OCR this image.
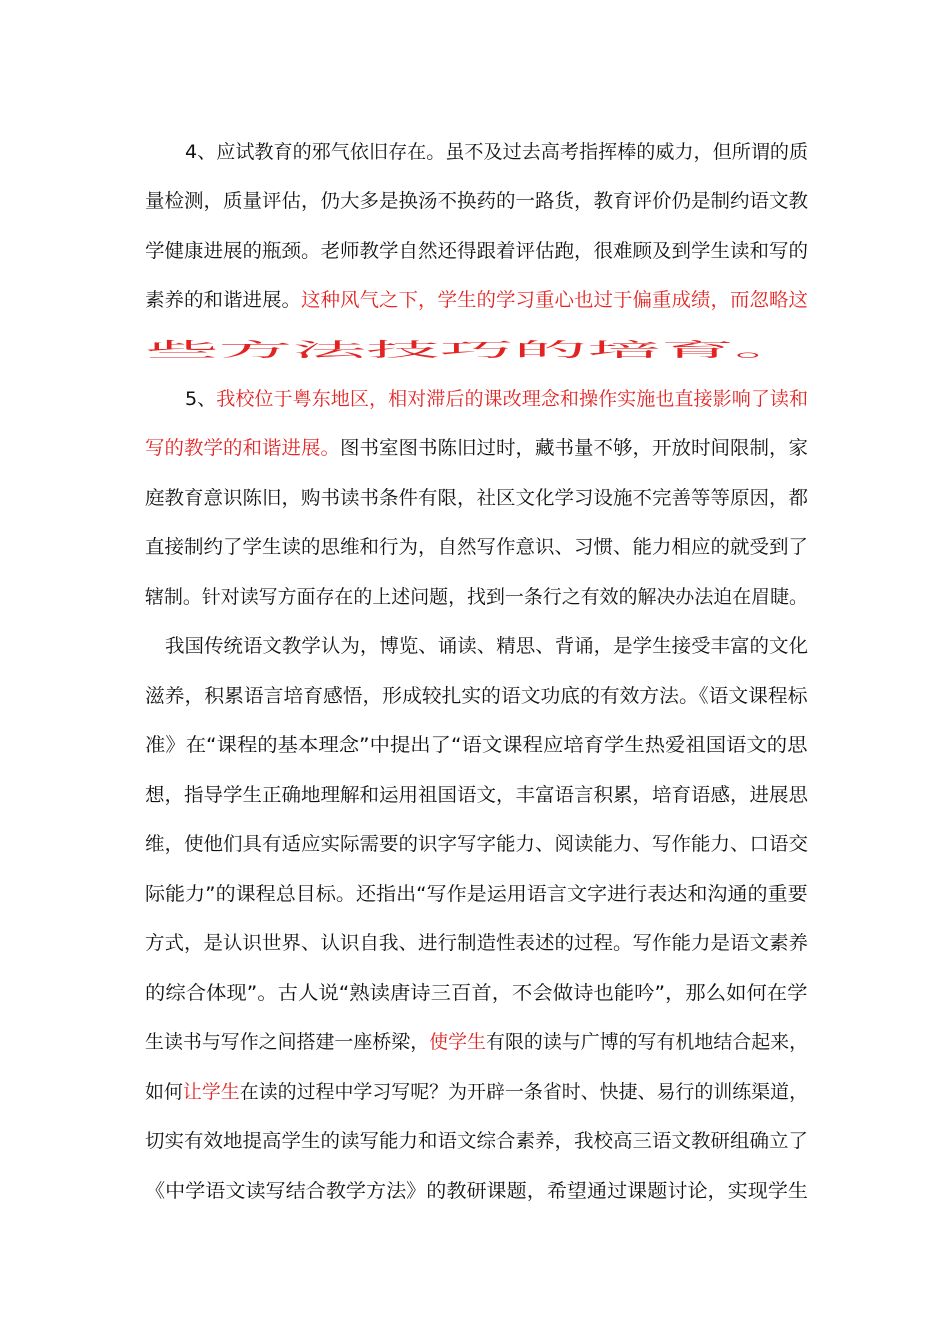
4、应试教育的邪气依旧存在。虽不及过去高考指挥棒的威力，但所谓的质
量检测，质量评估，仍大多是换汤不换药的一路货，教育评价仍是制约语文教
学健康进展的瓶颈。老师教学自然还得跟着评估跑，很难顾及到学生读和写的
素养的和谐进展。这种风气之下，学生的学习重心也过于偏重成绩，而忽略这
些方法技巧的培育。
5、我校位于粤东地区，相对滞后的课改理念和操作实施也直接影响了读和
写的教学的和谐进展。图书室图书陈旧过时，藏书量不够，开放时间限制，家
庭教育意识陈旧，购书读书条件有限，社区文化学习设施不完善等等原因，都
直接制约了学生读的思维和行为，自然写作意识、习惯、能力相应的就受到了
辖制。针对读写方面存在的上述问题，找到一条行之有效的解决办法迫在眉睫。
我国传统语文教学认为，博览、诵读、精思、背诵，是学生接受丰富的文化
滋养，积累语言培育感悟，形成较扎实的语文功底的有效方法。《语文课程标
准》在“课程的基本理念”中提出了“语文课程应培育学生热爱祖国语文的思
想，指导学生正确地理解和运用祖国语文，丰富语言积累，培育语感，进展思
维，使他们具有适应实际需要的识字写字能力、阅读能力、写作能力、口语交
际能力”的课程总目标。还指出“写作是运用语言文字进行表达和沟通的重要
方式，是认识世界、认识自我、进行制造性表述的过程。写作能力是语文素养
的综合体现”。古人说“熟读唐诗三百首，不会做诗也能吟”，那么如何在学
生读书与写作之间搭建一座桥梁，使学生有限的读与广博的写有机地结合起来，
如何让学生在读的过程中学习写呢？为开辟一条省时、快捷、易行的训练渠道，
切实有效地提高学生的读写能力和语文综合素养，我校高三语文教研组确立了
《中学语文读写结合教学方法》的教研课题，希望通过课题讨论，实现学生
